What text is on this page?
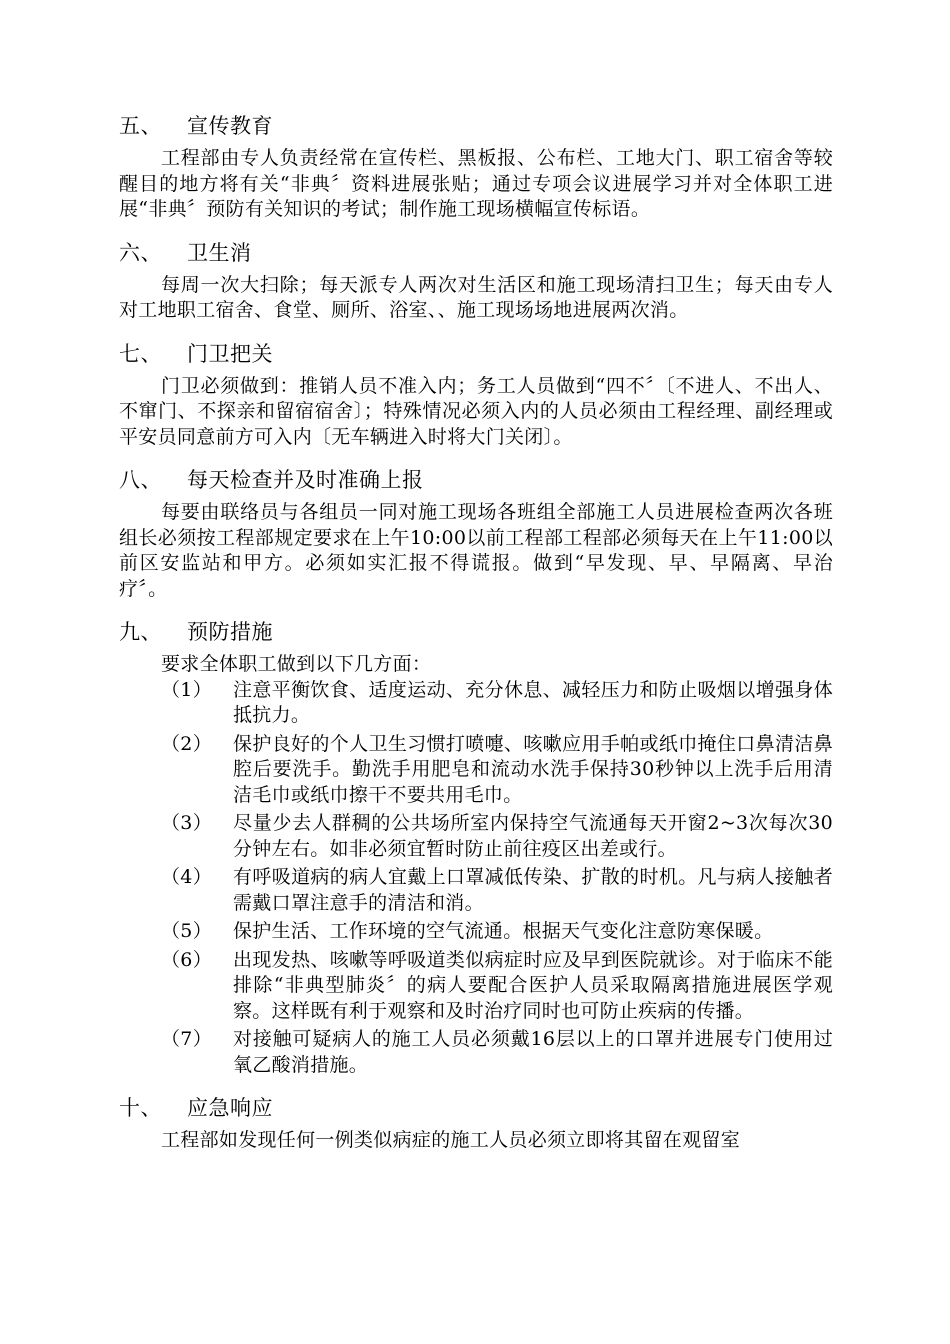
五、	宣传教育

工程部由专人负责经常在宣传栏、黑板报、公布栏、工地大门、职工宿舍等较醒目的地方将有关“非典〞资料进展张贴；通过专项会议进展学习并对全体职工进展“非典〞预防有关知识的考试；制作施工现场横幅宣传标语。

六、	卫生消

每周一次大扫除；每天派专人两次对生活区和施工现场清扫卫生；每天由专人对工地职工宿舍、食堂、厕所、浴室、、施工现场场地进展两次消。

七、	门卫把关

门卫必须做到：推销人员不准入内；务工人员做到“四不〞〔不进人、不出人、不窜门、不探亲和留宿宿舍〕；特殊情况必须入内的人员必须由工程经理、副经理或平安员同意前方可入内〔无车辆进入时将大门关闭〕。

八、	每天检查并及时准确上报

每要由联络员与各组员一同对施工现场各班组全部施工人员进展检查两次各班组长必须按工程部规定要求在上午10:00以前工程部工程部必须每天在上午11:00以前区安监站和甲方。必须如实汇报不得谎报。做到“早发现、早、早隔离、早治疗〞。

九、	预防措施

要求全体职工做到以下几方面：

（1）	注意平衡饮食、适度运动、充分休息、减轻压力和防止吸烟以增强身体抵抗力。
（2）	保护良好的个人卫生习惯打喷嚏、咳嗽应用手帕或纸巾掩住口鼻清洁鼻腔后要洗手。勤洗手用肥皂和流动水洗手保持30秒钟以上洗手后用清洁毛巾或纸巾擦干不要共用毛巾。
（3）	尽量少去人群稠的公共场所室内保持空气流通每天开窗2~3次每次30分钟左右。如非必须宜暂时防止前往疫区出差或行。
（4）	有呼吸道病的病人宜戴上口罩减低传染、扩散的时机。凡与病人接触者需戴口罩注意手的清洁和消。
（5）	保护生活、工作环境的空气流通。根据天气变化注意防寒保暖。
（6）	出现发热、咳嗽等呼吸道类似病症时应及早到医院就诊。对于临床不能排除“非典型肺炎〞的病人要配合医护人员采取隔离措施进展医学观察。这样既有利于观察和及时治疗同时也可防止疾病的传播。
（7）	对接触可疑病人的施工人员必须戴16层以上的口罩并进展专门使用过氧乙酸消措施。
十、	应急响应

工程部如发现任何一例类似病症的施工人员必须立即将其留在观留室
